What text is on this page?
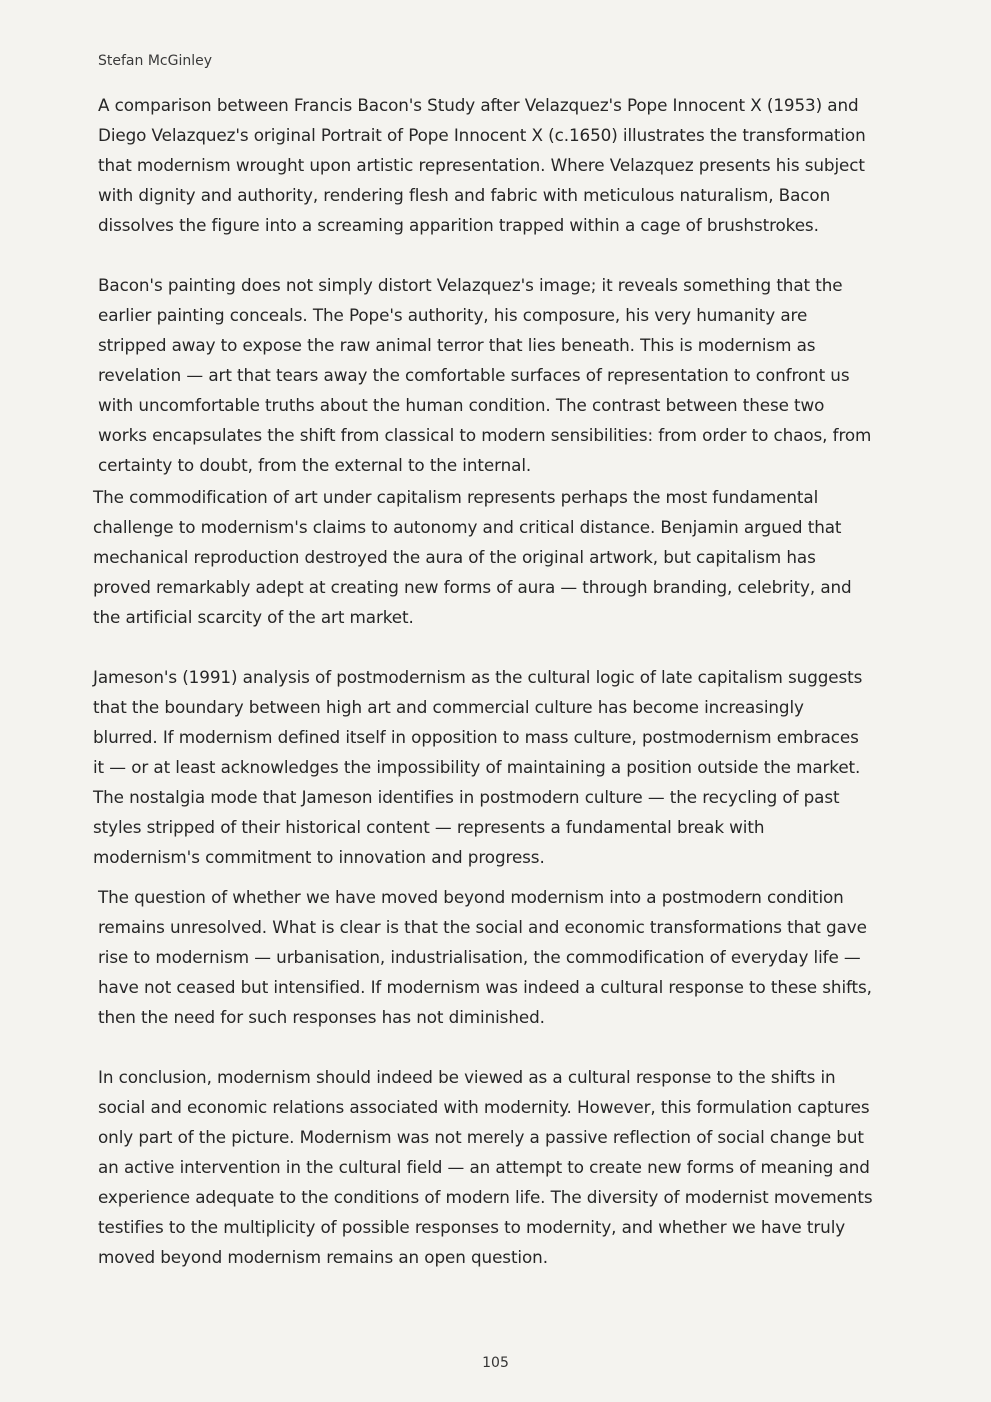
Stefan McGinley

A comparison between Francis Bacon's Study after Velazquez's Pope Innocent X (1953) and
Diego Velazquez's original Portrait of Pope Innocent X (c.1650) illustrates the transformation
that modernism wrought upon artistic representation. Where Velazquez presents his subject
with dignity and authority, rendering flesh and fabric with meticulous naturalism, Bacon
dissolves the figure into a screaming apparition trapped within a cage of brushstrokes.

Bacon's painting does not simply distort Velazquez's image; it reveals something that the
earlier painting conceals. The Pope's authority, his composure, his very humanity are
stripped away to expose the raw animal terror that lies beneath. This is modernism as
revelation — art that tears away the comfortable surfaces of representation to confront us
with uncomfortable truths about the human condition. The contrast between these two
works encapsulates the shift from classical to modern sensibilities: from order to chaos, from
certainty to doubt, from the external to the internal.

The commodification of art under capitalism represents perhaps the most fundamental
challenge to modernism's claims to autonomy and critical distance. Benjamin argued that
mechanical reproduction destroyed the aura of the original artwork, but capitalism has
proved remarkably adept at creating new forms of aura — through branding, celebrity, and
the artificial scarcity of the art market.

Jameson's (1991) analysis of postmodernism as the cultural logic of late capitalism suggests
that the boundary between high art and commercial culture has become increasingly
blurred. If modernism defined itself in opposition to mass culture, postmodernism embraces
it — or at least acknowledges the impossibility of maintaining a position outside the market.
The nostalgia mode that Jameson identifies in postmodern culture — the recycling of past
styles stripped of their historical content — represents a fundamental break with
modernism's commitment to innovation and progress.

The question of whether we have moved beyond modernism into a postmodern condition
remains unresolved. What is clear is that the social and economic transformations that gave
rise to modernism — urbanisation, industrialisation, the commodification of everyday life —
have not ceased but intensified. If modernism was indeed a cultural response to these shifts,
then the need for such responses has not diminished.

In conclusion, modernism should indeed be viewed as a cultural response to the shifts in
social and economic relations associated with modernity. However, this formulation captures
only part of the picture. Modernism was not merely a passive reflection of social change but
an active intervention in the cultural field — an attempt to create new forms of meaning and
experience adequate to the conditions of modern life. The diversity of modernist movements
testifies to the multiplicity of possible responses to modernity, and whether we have truly
moved beyond modernism remains an open question.

105
